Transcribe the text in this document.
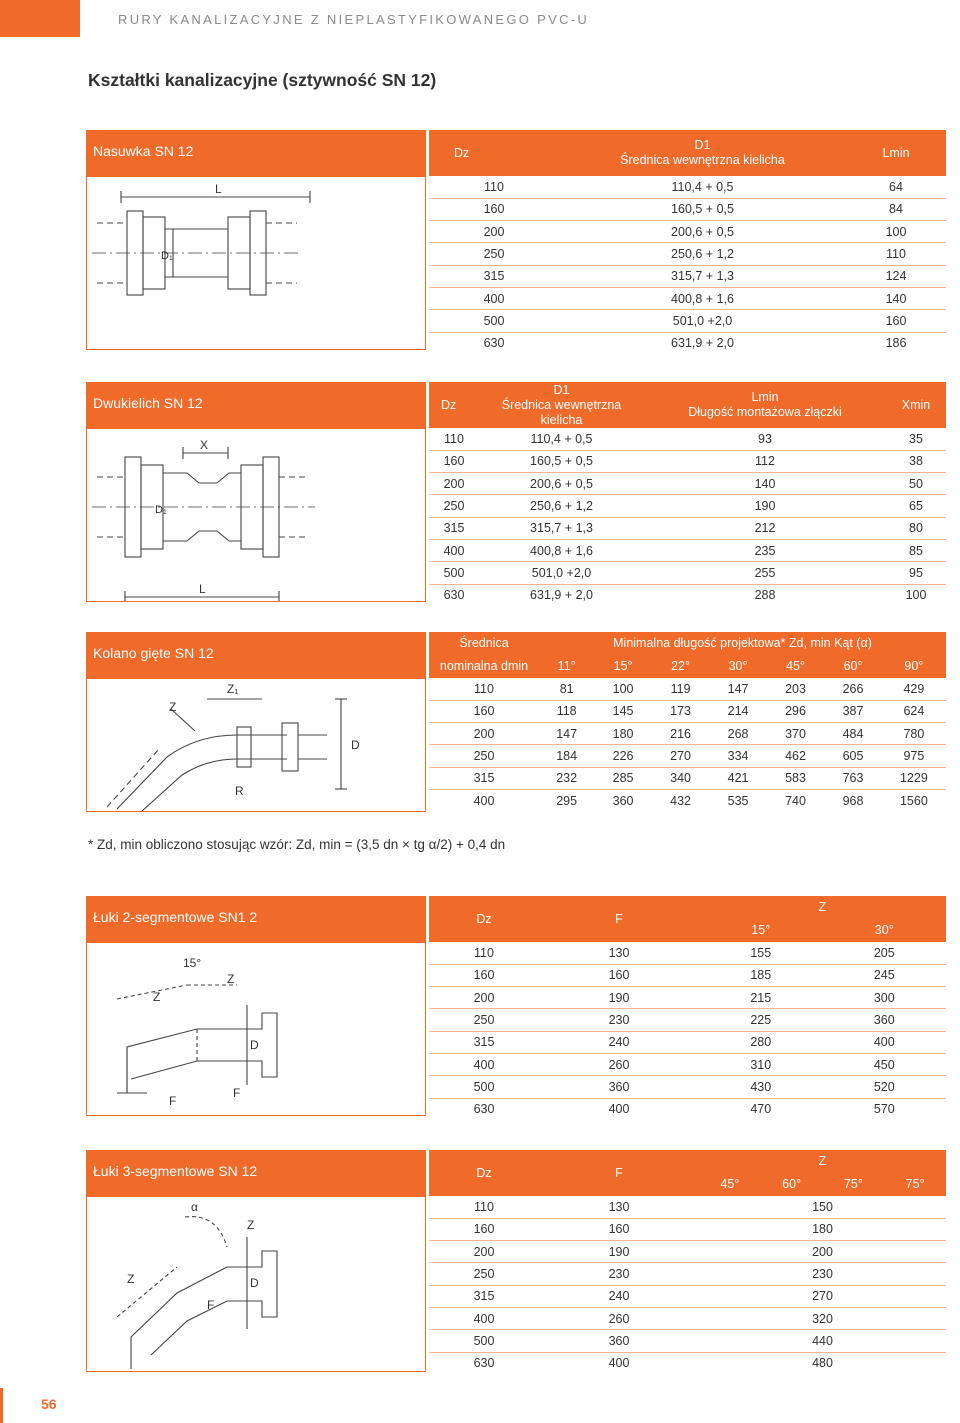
RURY KANALIZACYJNE Z NIEPLASTYFIKOWANEGO PVC-U
Kształtki kanalizacyjne (sztywność SN 12)
Nasuwka SN 12
L
D₁
Dz	D1
Średnica wewnętrzna kielicha	Lmin
110	110,4 + 0,5	64
160	160,5 + 0,5	84
200	200,6 + 0,5	100
250	250,6 + 1,2	110
315	315,7 + 1,3	124
400	400,8 + 1,6	140
500	501,0 +2,0	160
630	631,9 + 2,0	186
Dwukielich SN 12
X
L
D₁
Dz	D1
Średnica wewnętrzna kielicha	Lmin
Długość montażowa złączki	Xmin
110	110,4 + 0,5	93	35
160	160,5 + 0,5	112	38
200	200,6 + 0,5	140	50
250	250,6 + 1,2	190	65
315	315,7 + 1,3	212	80
400	400,8 + 1,6	235	85
500	501,0 +2,0	255	95
630	631,9 + 2,0	288	100
Kolano gięte SN 12
Z
Z₁
D
R
Średnica	Minimalna długość projektowa* Zd, min Kąt (α)						
nominalna dmin	11°	15°	22°	30°	45°	60°	90°
110	81	100	119	147	203	266	429
160	118	145	173	214	296	387	624
200	147	180	216	268	370	484	780
250	184	226	270	334	462	605	975
315	232	285	340	421	583	763	1229
400	295	360	432	535	740	968	1560
* Zd, min obliczono stosując wzór: Zd, min = (3,5 dn × tg α/2) + 0,4 dn
Łuki 2-segmentowe SN1 2
15°
Z
Z
D
F
F
Dz	F	Z	
		15°	30°
110	130	155	205
160	160	185	245
200	190	215	300
250	230	225	360
315	240	280	400
400	260	310	450
500	360	430	520
630	400	470	570
Łuki 3-segmentowe SN 12
α
Z
Z
D
F
Dz	F	Z			
		45°	60°	75°	75°
110	130	150			
160	160	180			
200	190	200			
250	230	230			
315	240	270			
400	260	320			
500	360	440			
630	400	480			
56
